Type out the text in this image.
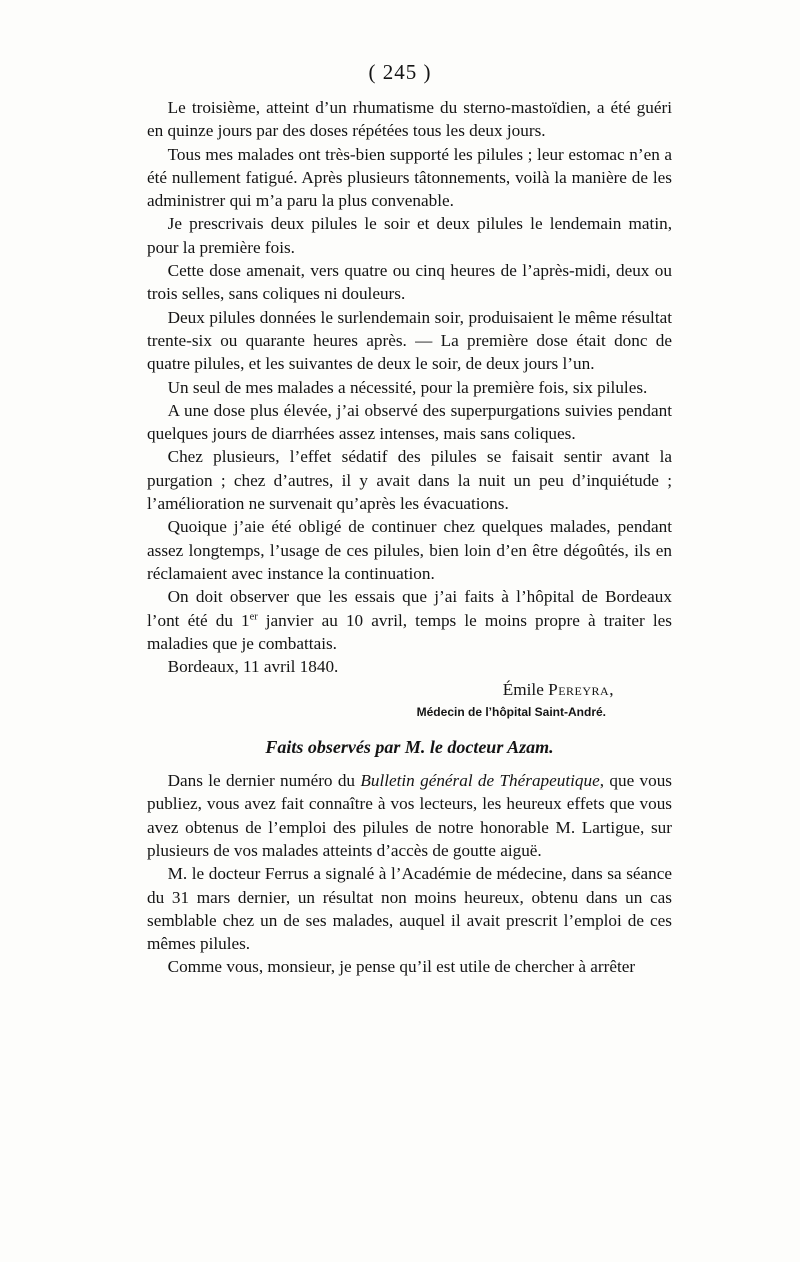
( 245 )

Le troisième, atteint d’un rhumatisme du sterno-mastoïdien, a été guéri en quinze jours par des doses répétées tous les deux jours.

Tous mes malades ont très-bien supporté les pilules ; leur estomac n’en a été nullement fatigué. Après plusieurs tâtonnements, voilà la manière de les administrer qui m’a paru la plus convenable.

Je prescrivais deux pilules le soir et deux pilules le lendemain matin, pour la première fois.

Cette dose amenait, vers quatre ou cinq heures de l’après-midi, deux ou trois selles, sans coliques ni douleurs.

Deux pilules données le surlendemain soir, produisaient le même résultat trente-six ou quarante heures après. — La première dose était donc de quatre pilules, et les suivantes de deux le soir, de deux jours l’un.

Un seul de mes malades a nécessité, pour la première fois, six pilules.

A une dose plus élevée, j’ai observé des superpurgations suivies pendant quelques jours de diarrhées assez intenses, mais sans coliques.

Chez plusieurs, l’effet sédatif des pilules se faisait sentir avant la purgation ; chez d’autres, il y avait dans la nuit un peu d’inquiétude ; l’amélioration ne survenait qu’après les évacuations.

Quoique j’aie été obligé de continuer chez quelques malades, pendant assez longtemps, l’usage de ces pilules, bien loin d’en être dégoûtés, ils en réclamaient avec instance la continuation.

On doit observer que les essais que j’ai faits à l’hôpital de Bordeaux l’ont été du 1er janvier au 10 avril, temps le moins propre à traiter les maladies que je combattais.

Bordeaux, 11 avril 1840.

Émile Pereyra,
Médecin de l’hôpital Saint-André.
Faits observés par M. le docteur Azam.

Dans le dernier numéro du Bulletin général de Thérapeutique, que vous publiez, vous avez fait connaître à vos lecteurs, les heureux effets que vous avez obtenus de l’emploi des pilules de notre honorable M. Lartigue, sur plusieurs de vos malades atteints d’accès de goutte aiguë.

M. le docteur Ferrus a signalé à l’Académie de médecine, dans sa séance du 31 mars dernier, un résultat non moins heureux, obtenu dans un cas semblable chez un de ses malades, auquel il avait prescrit l’emploi de ces mêmes pilules.

Comme vous, monsieur, je pense qu’il est utile de chercher à arrêter
